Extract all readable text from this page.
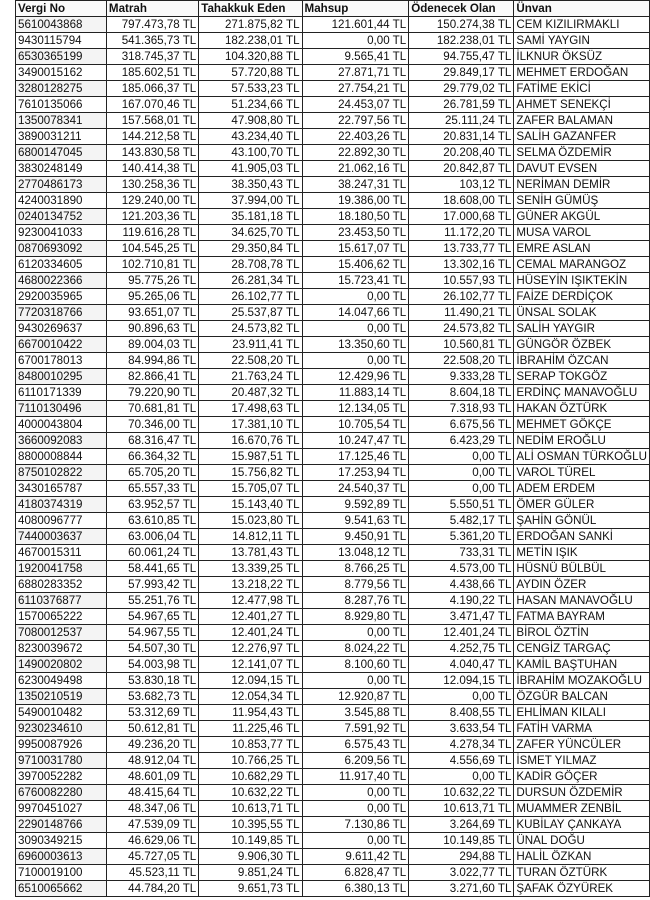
Vergi No	Matrah	Tahakkuk Eden	Mahsup	Ödenecek Olan	Ünvan
5610043868	797.473,78 TL	271.875,82 TL	121.601,44 TL	150.274,38 TL	CEM KIZILIRMAKLI
9430115794	541.365,73 TL	182.238,01 TL	0,00 TL	182.238,01 TL	SAMİ YAYGIN
6530365199	318.745,37 TL	104.320,88 TL	9.565,41 TL	94.755,47 TL	İLKNUR ÖKSÜZ
3490015162	185.602,51 TL	57.720,88 TL	27.871,71 TL	29.849,17 TL	MEHMET ERDOĞAN
3280128275	185.066,37 TL	57.533,23 TL	27.754,21 TL	29.779,02 TL	FATİME EKİCİ
7610135066	167.070,46 TL	51.234,66 TL	24.453,07 TL	26.781,59 TL	AHMET SENEKÇİ
1350078341	157.568,01 TL	47.908,80 TL	22.797,56 TL	25.111,24 TL	ZAFER BALAMAN
3890031211	144.212,58 TL	43.234,40 TL	22.403,26 TL	20.831,14 TL	SALİH GAZANFER
6800147045	143.830,58 TL	43.100,70 TL	22.892,30 TL	20.208,40 TL	SELMA ÖZDEMİR
3830248149	140.414,38 TL	41.905,03 TL	21.062,16 TL	20.842,87 TL	DAVUT EVSEN
2770486173	130.258,36 TL	38.350,43 TL	38.247,31 TL	103,12 TL	NERİMAN DEMİR
4240031890	129.240,00 TL	37.994,00 TL	19.386,00 TL	18.608,00 TL	SENİH GÜMÜŞ
0240134752	121.203,36 TL	35.181,18 TL	18.180,50 TL	17.000,68 TL	GÜNER AKGÜL
9230041033	119.616,28 TL	34.625,70 TL	23.453,50 TL	11.172,20 TL	MUSA VAROL
0870693092	104.545,25 TL	29.350,84 TL	15.617,07 TL	13.733,77 TL	EMRE ASLAN
6120334605	102.710,81 TL	28.708,78 TL	15.406,62 TL	13.302,16 TL	CEMAL MARANGOZ
4680022366	95.775,26 TL	26.281,34 TL	15.723,41 TL	10.557,93 TL	HÜSEYİN IŞIKTEKİN
2920035965	95.265,06 TL	26.102,77 TL	0,00 TL	26.102,77 TL	FAİZE DERDİÇOK
7720318766	93.651,07 TL	25.537,87 TL	14.047,66 TL	11.490,21 TL	ÜNSAL SOLAK
9430269637	90.896,63 TL	24.573,82 TL	0,00 TL	24.573,82 TL	SALİH YAYGIR
6670010422	89.004,03 TL	23.911,41 TL	13.350,60 TL	10.560,81 TL	GÜNGÖR ÖZBEK
6700178013	84.994,86 TL	22.508,20 TL	0,00 TL	22.508,20 TL	İBRAHİM ÖZCAN
8480010295	82.866,41 TL	21.763,24 TL	12.429,96 TL	9.333,28 TL	SERAP TOKGÖZ
6110171339	79.220,90 TL	20.487,32 TL	11.883,14 TL	8.604,18 TL	ERDİNÇ MANAVOĞLU
7110130496	70.681,81 TL	17.498,63 TL	12.134,05 TL	7.318,93 TL	HAKAN ÖZTÜRK
4000043804	70.346,00 TL	17.381,10 TL	10.705,54 TL	6.675,56 TL	MEHMET GÖKÇE
3660092083	68.316,47 TL	16.670,76 TL	10.247,47 TL	6.423,29 TL	NEDİM EROĞLU
8800008844	66.364,32 TL	15.987,51 TL	17.125,46 TL	0,00 TL	ALİ OSMAN TÜRKOĞLU
8750102822	65.705,20 TL	15.756,82 TL	17.253,94 TL	0,00 TL	VAROL TÜREL
3430165787	65.557,33 TL	15.705,07 TL	24.540,37 TL	0,00 TL	ADEM ERDEM
4180374319	63.952,57 TL	15.143,40 TL	9.592,89 TL	5.550,51 TL	ÖMER GÜLER
4080096777	63.610,85 TL	15.023,80 TL	9.541,63 TL	5.482,17 TL	ŞAHİN GÖNÜL
7440003637	63.006,04 TL	14.812,11 TL	9.450,91 TL	5.361,20 TL	ERDOĞAN SANKİ
4670015311	60.061,24 TL	13.781,43 TL	13.048,12 TL	733,31 TL	METİN IŞIK
1920041758	58.441,65 TL	13.339,25 TL	8.766,25 TL	4.573,00 TL	HÜSNÜ BÜLBÜL
6880283352	57.993,42 TL	13.218,22 TL	8.779,56 TL	4.438,66 TL	AYDIN ÖZER
6110376877	55.251,76 TL	12.477,98 TL	8.287,76 TL	4.190,22 TL	HASAN MANAVOĞLU
1570065222	54.967,65 TL	12.401,27 TL	8.929,80 TL	3.471,47 TL	FATMA BAYRAM
7080012537	54.967,55 TL	12.401,24 TL	0,00 TL	12.401,24 TL	BİROL ÖZTİN
8230039672	54.507,30 TL	12.276,97 TL	8.024,22 TL	4.252,75 TL	CENGİZ TARGAÇ
1490020802	54.003,98 TL	12.141,07 TL	8.100,60 TL	4.040,47 TL	KAMİL BAŞTUHAN
6230049498	53.830,18 TL	12.094,15 TL	0,00 TL	12.094,15 TL	İBRAHİM MOZAKOĞLU
1350210519	53.682,73 TL	12.054,34 TL	12.920,87 TL	0,00 TL	ÖZGÜR BALCAN
5490010482	53.312,69 TL	11.954,43 TL	3.545,88 TL	8.408,55 TL	EHLİMAN KILALI
9230234610	50.612,81 TL	11.225,46 TL	7.591,92 TL	3.633,54 TL	FATİH VARMA
9950087926	49.236,20 TL	10.853,77 TL	6.575,43 TL	4.278,34 TL	ZAFER YÜNCÜLER
9710031780	48.912,04 TL	10.766,25 TL	6.209,56 TL	4.556,69 TL	İSMET YILMAZ
3970052282	48.601,09 TL	10.682,29 TL	11.917,40 TL	0,00 TL	KADİR GÖÇER
6760082280	48.415,64 TL	10.632,22 TL	0,00 TL	10.632,22 TL	DURSUN ÖZDEMİR
9970451027	48.347,06 TL	10.613,71 TL	0,00 TL	10.613,71 TL	MUAMMER ZENBİL
2290148766	47.539,09 TL	10.395,55 TL	7.130,86 TL	3.264,69 TL	KUBİLAY ÇANKAYA
3090349215	46.629,06 TL	10.149,85 TL	0,00 TL	10.149,85 TL	ÜNAL DOĞU
6960003613	45.727,05 TL	9.906,30 TL	9.611,42 TL	294,88 TL	HALİL ÖZKAN
7100019100	45.523,11 TL	9.851,24 TL	6.828,47 TL	3.022,77 TL	TURAN ÖZTÜRK
6510065662	44.784,20 TL	9.651,73 TL	6.380,13 TL	3.271,60 TL	ŞAFAK ÖZYÜREK
